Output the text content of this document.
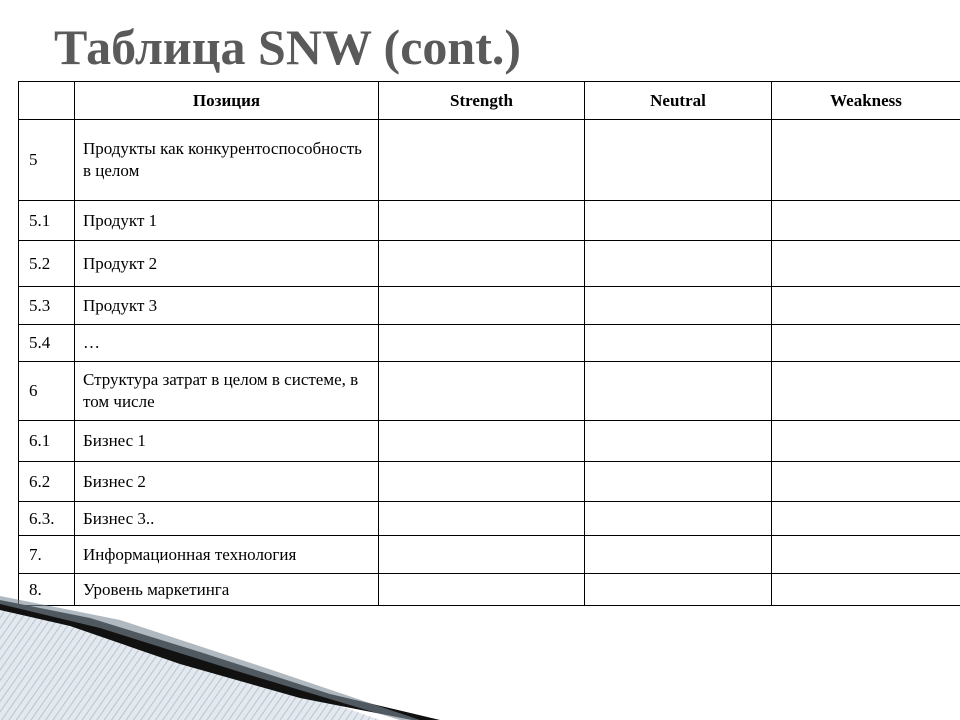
Таблица SNW (cont.)
	Позиция	Strength	Neutral	Weakness
5	Продукты как конкурентоспособность в целом			
5.1	Продукт 1			
5.2	Продукт 2			
5.3	Продукт 3			
5.4	…			
6	Структура затрат в целом в системе, в том числе			
6.1	Бизнес 1			
6.2	Бизнес 2			
6.3.	Бизнес 3..			
7.	Информационная технология			
8.	Уровень маркетинга			
